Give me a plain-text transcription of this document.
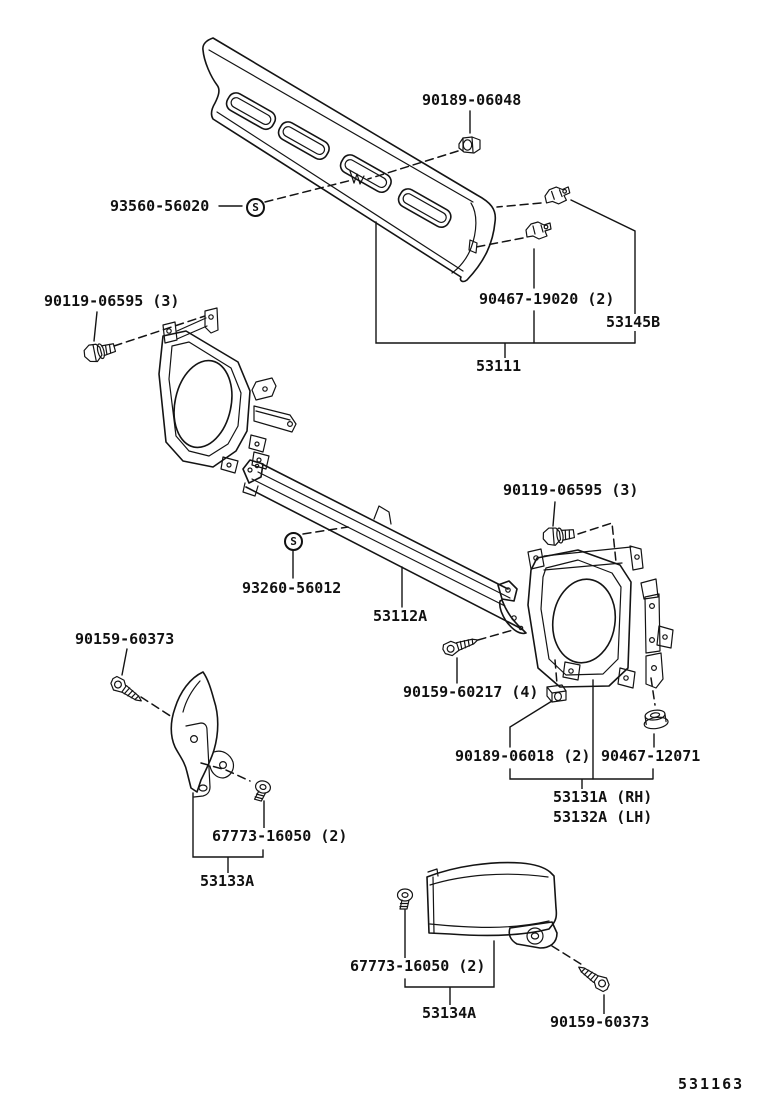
90189-06048
93560-56020
90119-06595 (3)	90467-19020 (2)
53145B
53111
93260-56012
53112A
90119-06595 (3)
90159-60373
90159-60217 (4)
90189-06018 (2) 90467-12071
53131A (RH)
53132A (LH)
67773-16050 (2)
53133A
67773-16050 (2)
53134A	90159-60373
531163
S
S
